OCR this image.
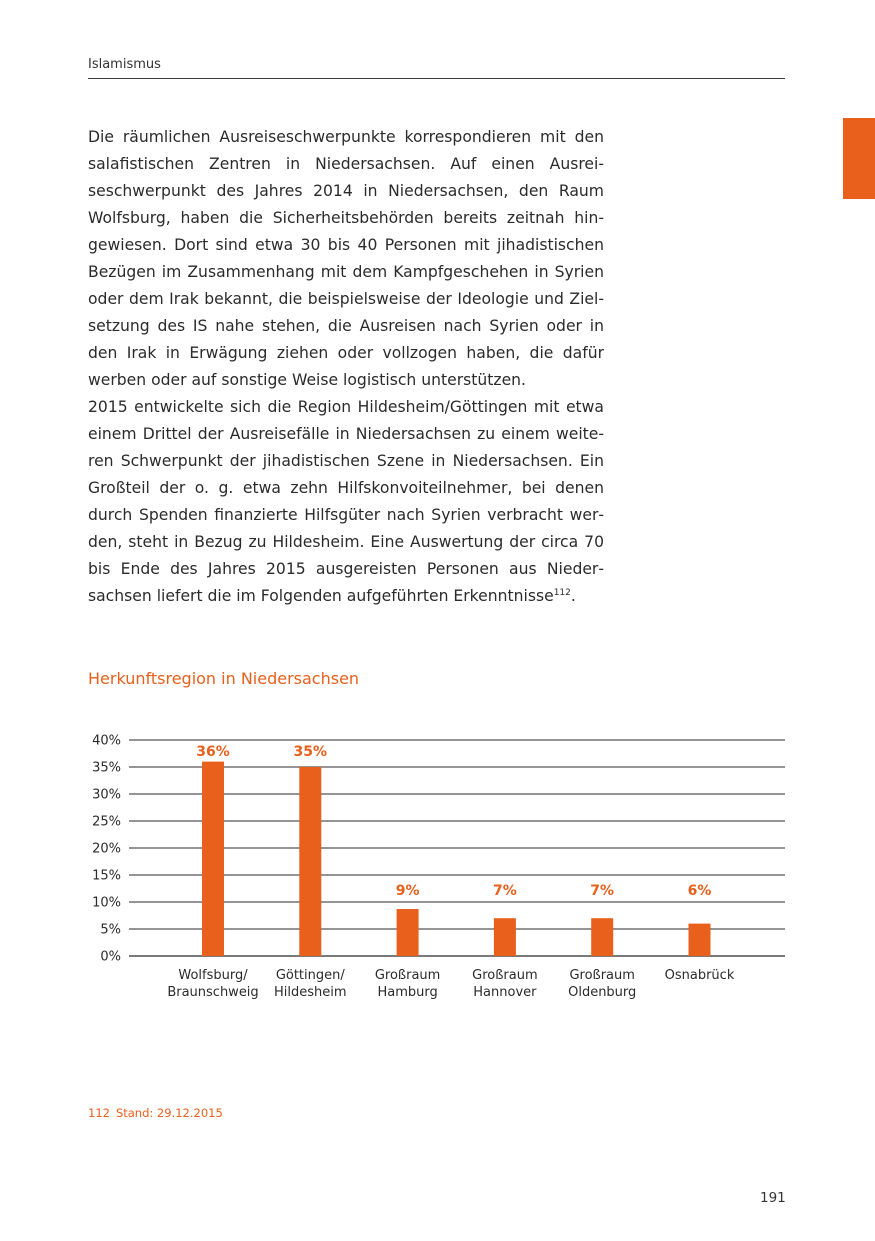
Islamismus

Die räumlichen Ausreiseschwerpunkte korrespondieren mit den salafistischen Zentren in Niedersachsen. Auf einen Ausreiseschwerpunkt des Jahres 2014 in Niedersachsen, den Raum Wolfsburg, haben die Sicherheitsbehörden bereits zeitnah hingewiesen. Dort sind etwa 30 bis 40 Personen mit jihadistischen Bezügen im Zusammenhang mit dem Kampfgeschehen in Syrien oder dem Irak bekannt, die beispielsweise der Ideologie und Zielsetzung des IS nahe stehen, die Ausreisen nach Syrien oder in den Irak in Erwägung ziehen oder vollzogen haben, die dafür werben oder auf sonstige Weise logistisch unterstützen.

2015 entwickelte sich die Region Hildesheim/Göttingen mit etwa einem Drittel der Ausreisefälle in Niedersachsen zu einem weiteren Schwerpunkt der jihadistischen Szene in Niedersachsen. Ein Großteil der o. g. etwa zehn Hilfskonvoiteilnehmer, bei denen durch Spenden finanzierte Hilfsgüter nach Syrien verbracht werden, steht in Bezug zu Hildesheim. Eine Auswertung der circa 70 bis Ende des Jahres 2015 ausgereisten Personen aus Niedersachsen liefert die im Folgenden aufgeführten Erkenntnisse$^{112}$.

Herkunftsregion in Niedersachsen
0%
5%
10%
15%
20%
25%
30%
35%
40%
36%
Wolfsburg/
Braunschweig
35%
Göttingen/
Hildesheim
9%
Großraum
Hamburg
7%
Großraum
Hannover
7%
Großraum
Oldenburg
6%
Osnabrück
112 Stand: 29.12.2015
191
